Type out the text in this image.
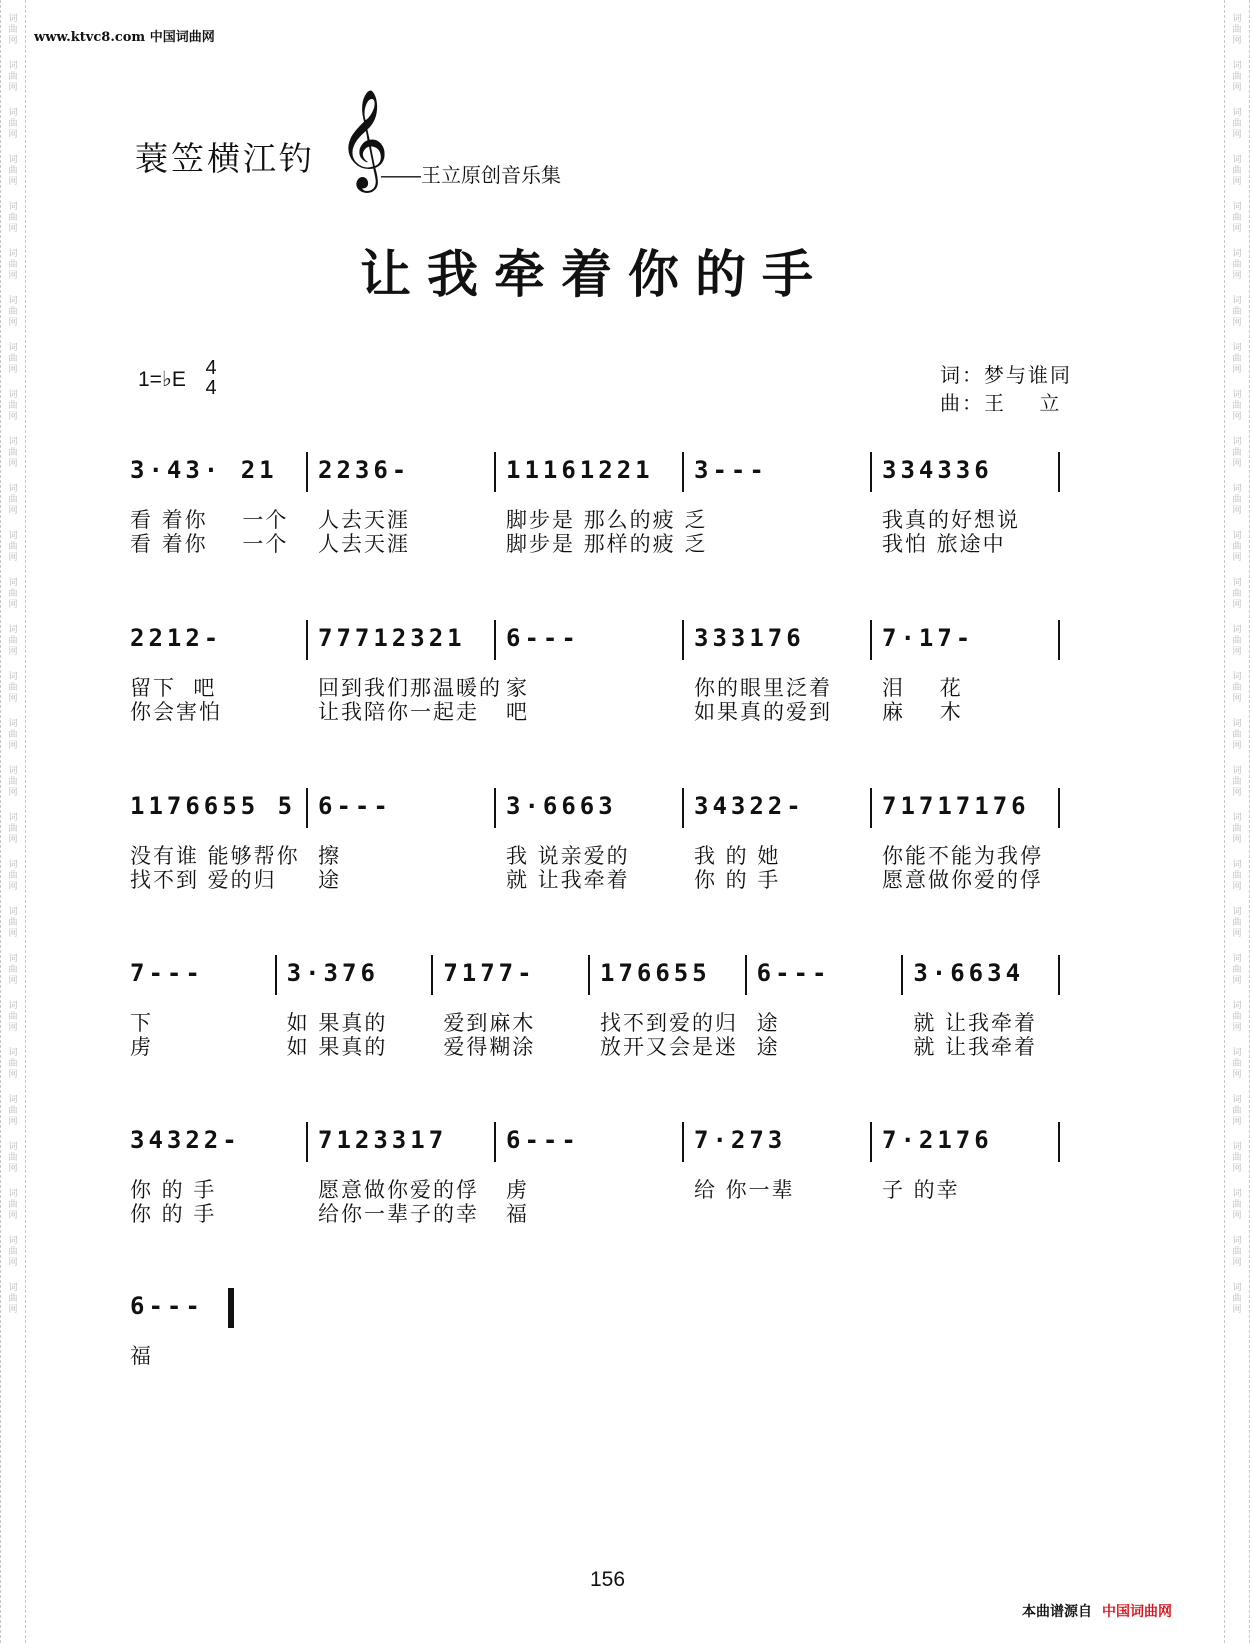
词
曲
网
词
曲
网
词
曲
网
词
曲
网
词
曲
网
词
曲
网
词
曲
网
词
曲
网
词
曲
网
词
曲
网
词
曲
网
词
曲
网
词
曲
网
词
曲
网
词
曲
网
词
曲
网
词
曲
网
词
曲
网
词
曲
网
词
曲
网
词
曲
网
词
曲
网
词
曲
网
词
曲
网
词
曲
网
词
曲
网
词
曲
网
词
曲
网
词
曲
网
词
曲
网
词
曲
网
词
曲
网
词
曲
网
词
曲
网
词
曲
网
词
曲
网
词
曲
网
词
曲
网
词
曲
网
词
曲
网
词
曲
网
词
曲
网
词
曲
网
词
曲
网
词
曲
网
词
曲
网
词
曲
网
词
曲
网
词
曲
网
词
曲
网
词
曲
网
词
曲
网
词
曲
网
词
曲
网
词
曲
网
词
曲
网
www.ktvc8.com 中国词曲网
蓑笠横江钓 𝄞
——王立原创音乐集
让我牵着你的手
1=♭E 4
4
词：梦与谁同
曲：王    立
3·43· 21
看 着你    一个
看 着你    一个
2236-
人去天涯
人去天涯
11161221
脚步是 那么的疲 乏
脚步是 那样的疲 乏
3---	334336
我真的好想说
我怕 旅途中
2212-
留下  吧
你会害怕
77712321
回到我们那温暖的
让我陪你一起走
6---
家
吧
333176
你的眼里泛着
如果真的爱到
7·17-
泪    花
麻    木
1176655 5
没有谁 能够帮你
找不到 爱的归
6---
擦
途
3·6663
我 说亲爱的
就 让我牵着
34322-
我 的 她
你 的 手
71717176
你能不能为我停
愿意做你爱的俘
7---
下
虏
3·376
如 果真的
如 果真的
7177-
爱到麻木
爱得糊涂
176655
找不到爱的归
放开又会是迷
6---
途
途
3·6634
就 让我牵着
就 让我牵着
34322-
你 的 手
你 的 手
7123317
愿意做你爱的俘
给你一辈子的幸
6---
虏
福
7·273
给 你一辈
7·2176
子 的幸
6---
福
156
本曲谱源自 中国词曲网
